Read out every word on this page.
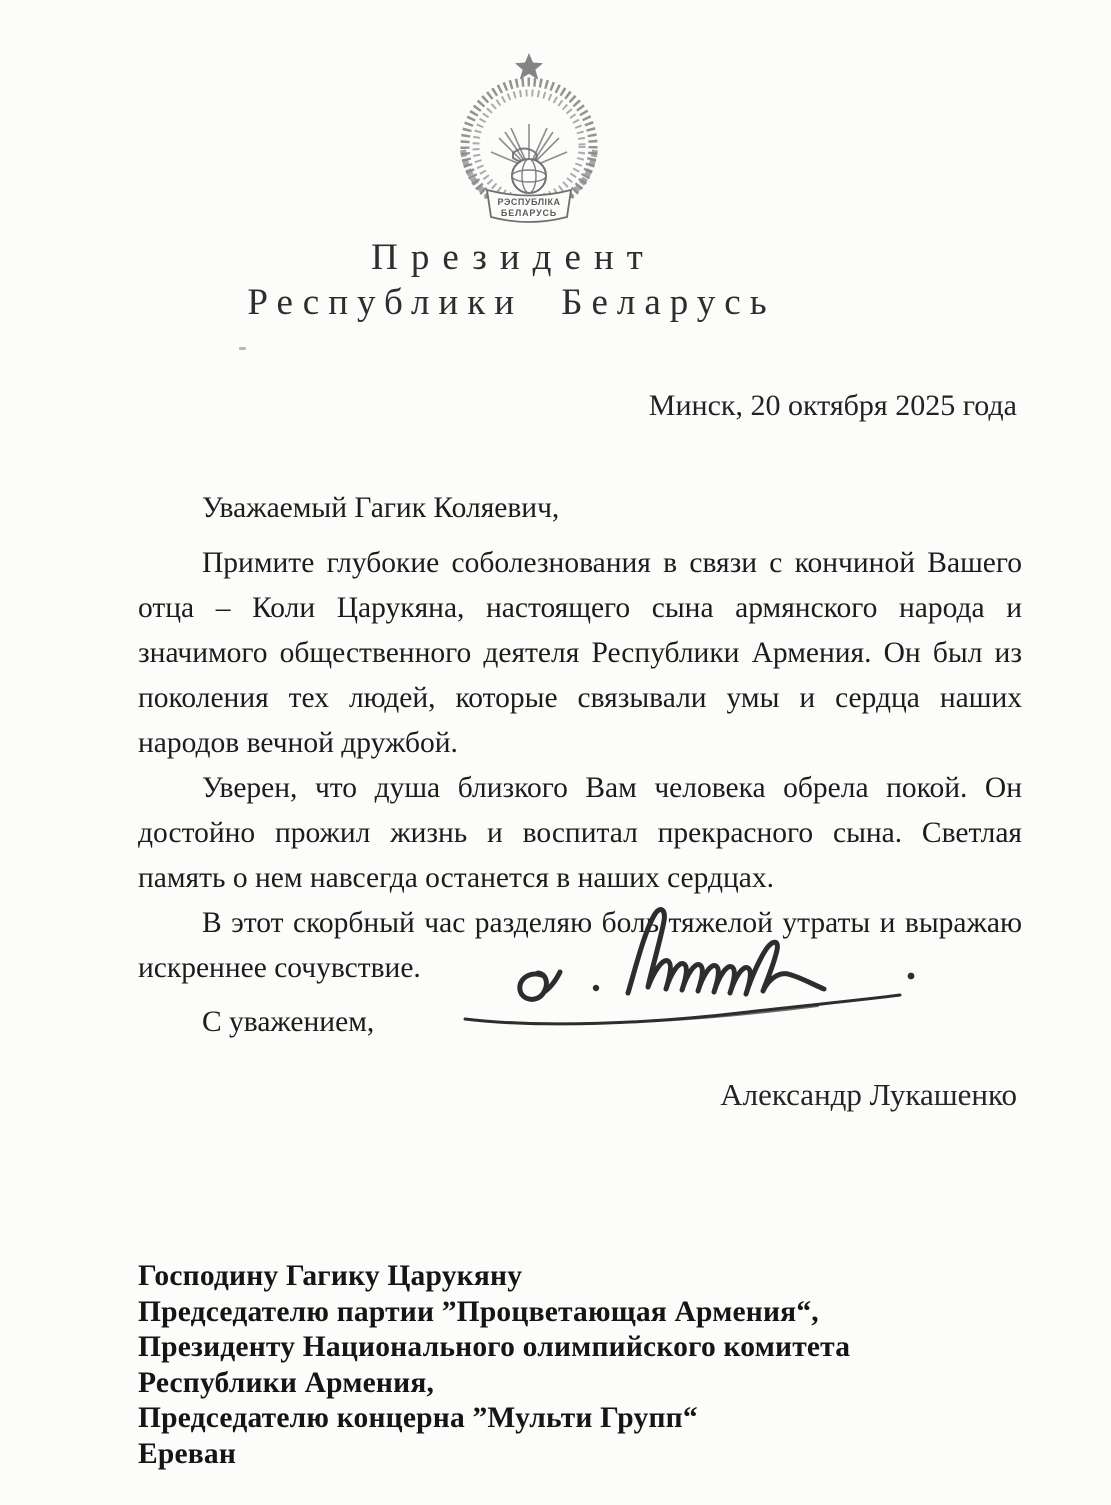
РЭСПУБЛІКА
БЕЛАРУСЬ
Президент
Республики Беларусь
Минск, 20 октября 2025 года

Уважаемый Гагик Коляевич,

Примите глубокие соболезнования в связи с кончиной Вашего отца – Коли Царукяна, настоящего сына армянского народа и значимого общественного деятеля Республики Армения. Он был из поколения тех людей, которые связывали умы и сердца наших народов вечной дружбой.

Уверен, что душа близкого Вам человека обрела покой. Он достойно прожил жизнь и воспитал прекрасного сына. Светлая память о нем навсегда останется в наших сердцах.

В этот скорбный час разделяю боль тяжелой утраты и выражаю искреннее сочувствие.

С уважением,

Александр Лукашенко
Господину Гагику Царукяну
Председателю партии ”Процветающая Армения“,
Президенту Национального олимпийского комитета
Республики Армения,
Председателю концерна ”Мульти Групп“
Ереван
